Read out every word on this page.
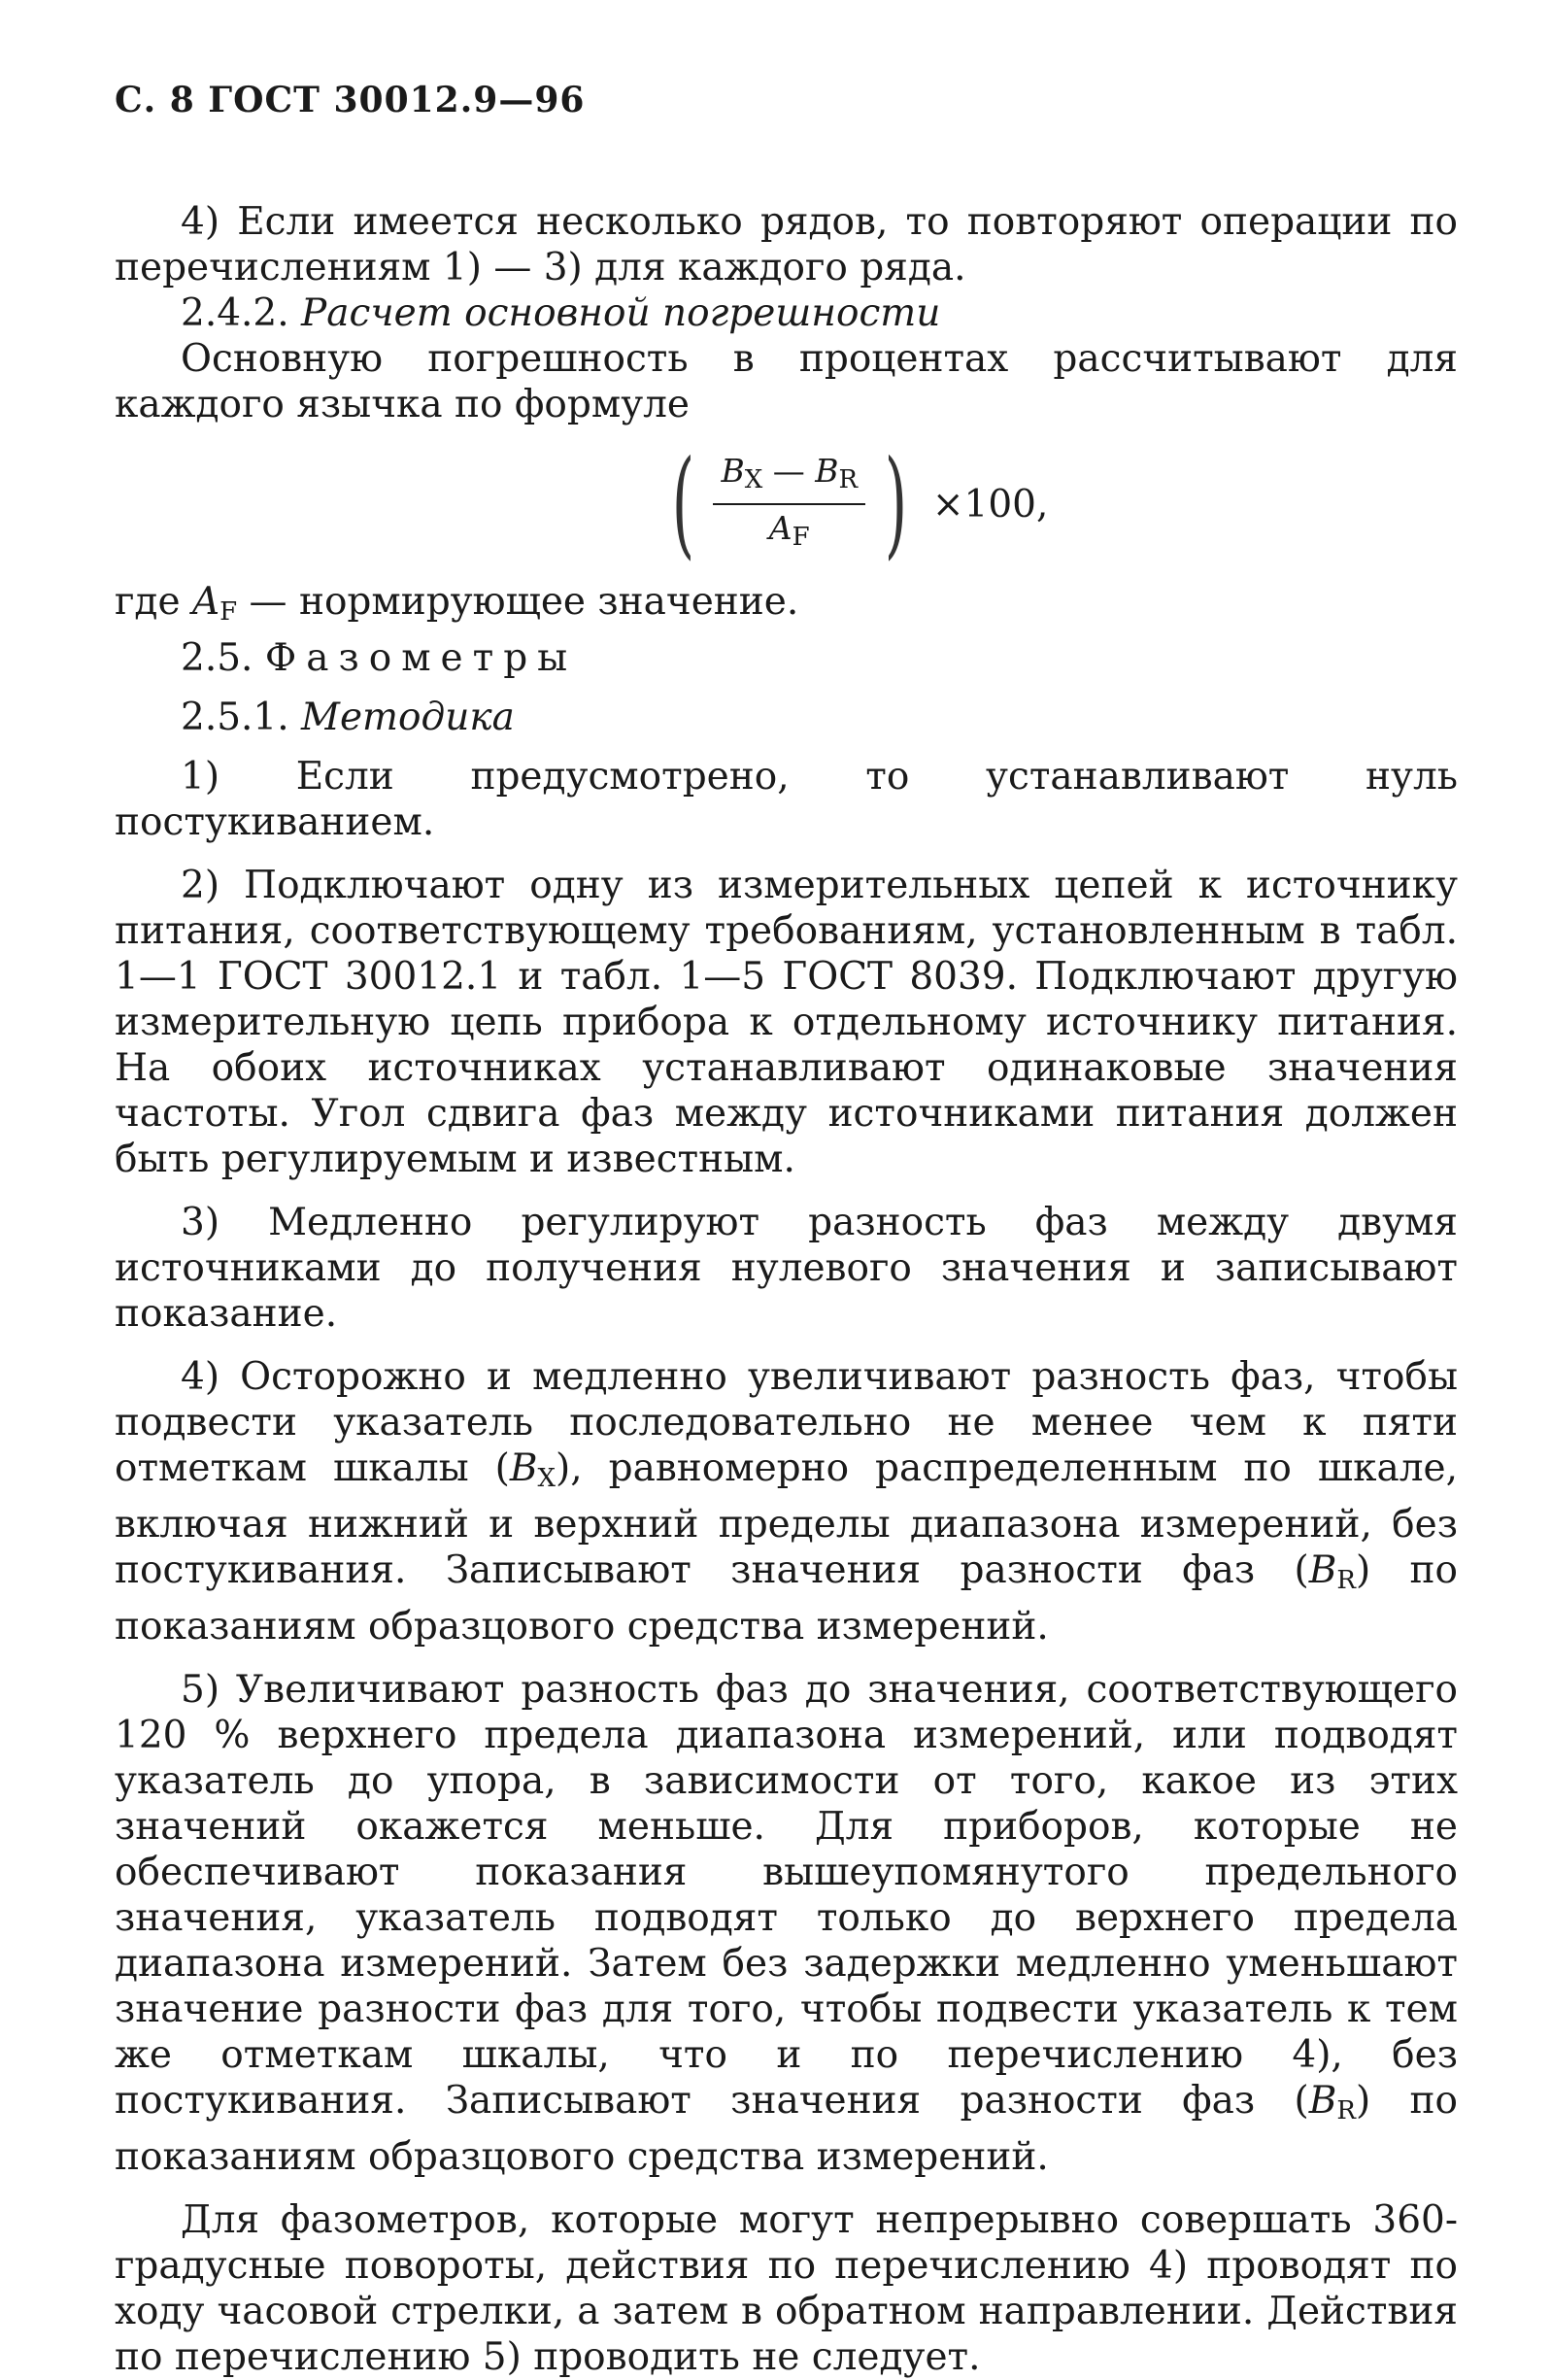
С. 8 ГОСТ 30012.9—96

4) Если имеется несколько рядов, то повторяют операции по перечислениям 1) — 3) для каждого ряда.

2.4.2. Расчет основной погрешности

Основную погрешность в процентах рассчитывают для каждого язычка по формуле

( $\frac{B_X — B_R}{A_F}$ ) ×100,

где $A_F$ — нормирующее значение.

2.5. Фазометры

2.5.1. Методика

1) Если предусмотрено, то устанавливают нуль постукиванием.

2) Подключают одну из измерительных цепей к источнику питания, соответствующему требованиям, установленным в табл. 1—1 ГОСТ 30012.1 и табл. 1—5 ГОСТ 8039. Подключают другую измерительную цепь прибора к отдельному источнику питания. На обоих источниках устанавливают одинаковые значения частоты. Угол сдвига фаз между источниками питания должен быть регулируемым и известным.

3) Медленно регулируют разность фаз между двумя источниками до получения нулевого значения и записывают показание.

4) Осторожно и медленно увеличивают разность фаз, чтобы подвести указатель последовательно не менее чем к пяти отметкам шкалы $(B_X)$, равномерно распределенным по шкале, включая нижний и верхний пределы диапазона измерений, без постукивания. Записывают значения разности фаз $(B_R)$ по показаниям образцового средства измерений.

5) Увеличивают разность фаз до значения, соответствующего 120 % верхнего предела диапазона измерений, или подводят указатель до упора, в зависимости от того, какое из этих значений окажется меньше. Для приборов, которые не обеспечивают показания вышеупомянутого предельного значения, указатель подводят только до верхнего предела диапазона измерений. Затем без задержки медленно уменьшают значение разности фаз для того, чтобы подвести указатель к тем же отметкам шкалы, что и по перечислению 4), без постукивания. Записывают значения разности фаз $(B_R)$ по показаниям образцового средства измерений.

Для фазометров, которые могут непрерывно совершать 360-градусные повороты, действия по перечислению 4) проводят по ходу часовой стрелки, а затем в обратном направлении. Действия по перечислению 5) проводить не следует.
